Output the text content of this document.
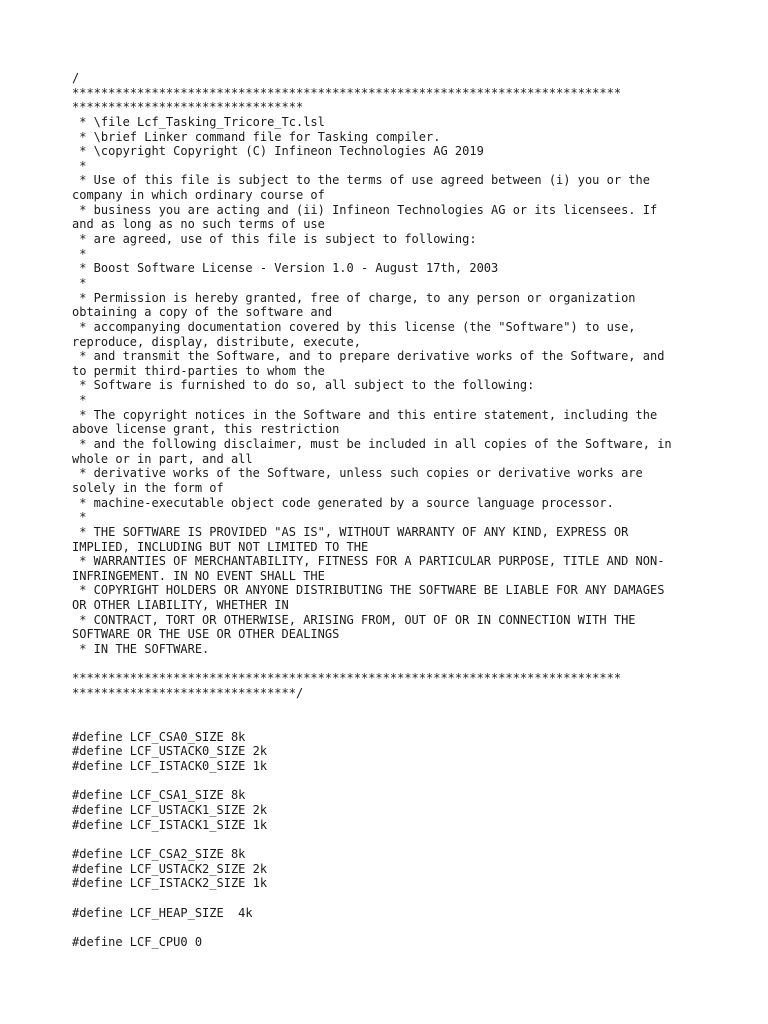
/
****************************************************************************
********************************
* \file Lcf_Tasking_Tricore_Tc.lsl
* \brief Linker command file for Tasking compiler.
* \copyright Copyright (C) Infineon Technologies AG 2019
*
* Use of this file is subject to the terms of use agreed between (i) you or the
company in which ordinary course of
* business you are acting and (ii) Infineon Technologies AG or its licensees. If
and as long as no such terms of use
* are agreed, use of this file is subject to following:
*
* Boost Software License - Version 1.0 - August 17th, 2003
*
* Permission is hereby granted, free of charge, to any person or organization
obtaining a copy of the software and
* accompanying documentation covered by this license (the "Software") to use,
reproduce, display, distribute, execute,
* and transmit the Software, and to prepare derivative works of the Software, and
to permit third-parties to whom the
* Software is furnished to do so, all subject to the following:
*
* The copyright notices in the Software and this entire statement, including the
above license grant, this restriction
* and the following disclaimer, must be included in all copies of the Software, in
whole or in part, and all
* derivative works of the Software, unless such copies or derivative works are
solely in the form of
* machine-executable object code generated by a source language processor.
*
* THE SOFTWARE IS PROVIDED "AS IS", WITHOUT WARRANTY OF ANY KIND, EXPRESS OR
IMPLIED, INCLUDING BUT NOT LIMITED TO THE
* WARRANTIES OF MERCHANTABILITY, FITNESS FOR A PARTICULAR PURPOSE, TITLE AND NON-
INFRINGEMENT. IN NO EVENT SHALL THE
* COPYRIGHT HOLDERS OR ANYONE DISTRIBUTING THE SOFTWARE BE LIABLE FOR ANY DAMAGES
OR OTHER LIABILITY, WHETHER IN
* CONTRACT, TORT OR OTHERWISE, ARISING FROM, OUT OF OR IN CONNECTION WITH THE
SOFTWARE OR THE USE OR OTHER DEALINGS
* IN THE SOFTWARE.

****************************************************************************
*******************************/

#define LCF_CSA0_SIZE 8k
#define LCF_USTACK0_SIZE 2k
#define LCF_ISTACK0_SIZE 1k

#define LCF_CSA1_SIZE 8k
#define LCF_USTACK1_SIZE 2k
#define LCF_ISTACK1_SIZE 1k

#define LCF_CSA2_SIZE 8k
#define LCF_USTACK2_SIZE 2k
#define LCF_ISTACK2_SIZE 1k

#define LCF_HEAP_SIZE  4k

#define LCF_CPU0 0
